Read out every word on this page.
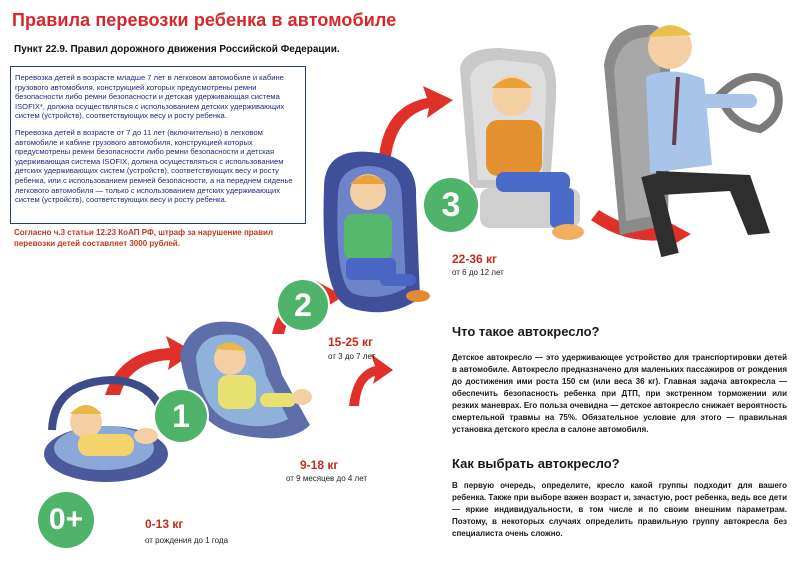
Правила перевозки ребенка в автомобиле
Пункт 22.9. Правил дорожного движения Российской Федерации.

Перевозка детей в возрасте младше 7 лет в легковом автомобиле и кабине грузового автомобиля, конструкцией которых предусмотрены ремни безопасности либо ремни безопасности и детская удерживающая система ISOFIX*, должна осуществляться с использованием детских удерживающих систем (устройств), соответствующих весу и росту ребенка.

Перевозка детей в возрасте от 7 до 11 лет (включительно) в легковом автомобиле и кабине грузового автомобиля, конструкцией которых предусмотрены ремни безопасности либо ремни безопасности и детская удерживающая система ISOFIX, должна осуществляться с использованием детских удерживающих систем (устройств), соответствующих весу и росту ребенка, или с использованием ремней безопасности, а на переднем сиденье легкового автомобиля — только с использованием детских удерживающих систем (устройств), соответствующих весу и росту ребенка.

Согласно ч.3 статьи 12.23 КоАП РФ, штраф за нарушение правил перевозки детей составляет 3000 рублей.
0+
1
2
3
0-13 кг
от рождения до 1 года
9-18 кг
от 9 месяцев до 4 лет
15-25 кг
от 3 до 7 лет
22-36 кг
от 6 до 12 лет
Что такое автокресло?
Детское автокресло — это удерживающее устройство для транспортировки детей в автомобиле. Автокресло предназначено для маленьких пассажиров от рождения до достижения ими роста 150 см (или веса 36 кг). Главная задача автокресла — обеспечить безопасность ребенка при ДТП, при экстренном торможении или резких маневрах. Его польза очевидна — детское автокресло снижает вероятность смертельной травмы на 75%. Обязательное условие для этого — правильная установка детского кресла в салоне автомобиля.
Как выбрать автокресло?
В первую очередь, определите, кресло какой группы подходит для вашего ребенка. Также при выборе важен возраст и, зачастую, рост ребенка, ведь все дети — яркие индивидуальности, в том числе и по своим внешним параметрам. Поэтому, в некоторых случаях определить правильную группу автокресла без специалиста очень сложно.
